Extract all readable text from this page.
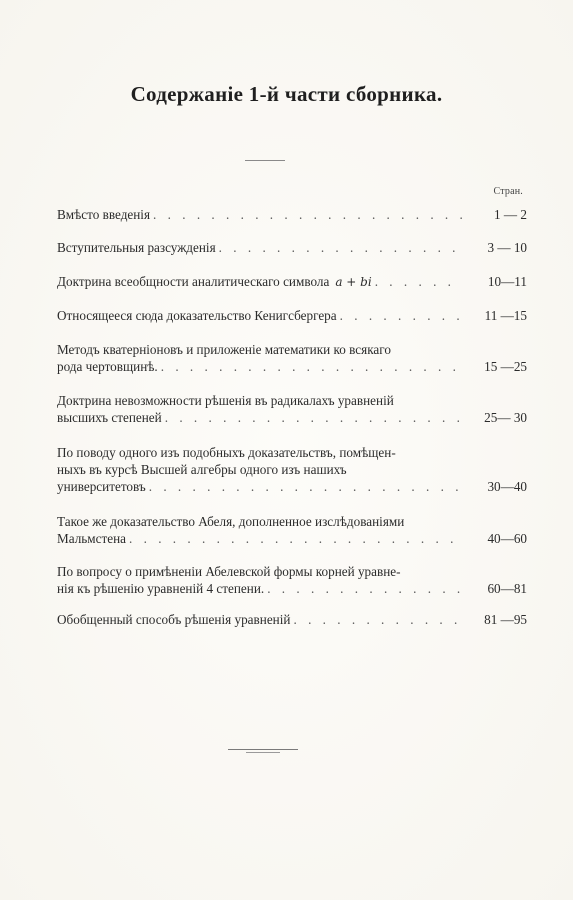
Содержаніе 1-й части сборника.
Стран.
Вмѣсто введенія . . .	1 — 2
Вступительныя разсужденія . . .	3 — 10
Доктрина всеобщности аналитическаго символа a + bi . . .	10—11
Относящееся сюда доказательство Кенигсбергера . . .	11 —15
Методъ кватерніоновъ и приложеніе математики ко всякаго
рода чертовщинѣ. . . .	15 —25
Доктрина невозможности рѣшенія въ радикалахъ уравненій
высшихъ степеней . . .	25— 30
По поводу одного изъ подобныхъ доказательствъ, помѣщен-
ныхъ въ курсѣ Высшей алгебры одного изъ нашихъ
университетовъ . . .	30—40
Такое же доказательство Абеля, дополненное изслѣдованіями
Мальмстена . . .	40—60
По вопросу о примѣненіи Абелевской формы корней уравне-
нія къ рѣшенію уравненій 4 степени. . . .	60—81
Обобщенный способъ рѣшенія уравненій . . .	81 —95
